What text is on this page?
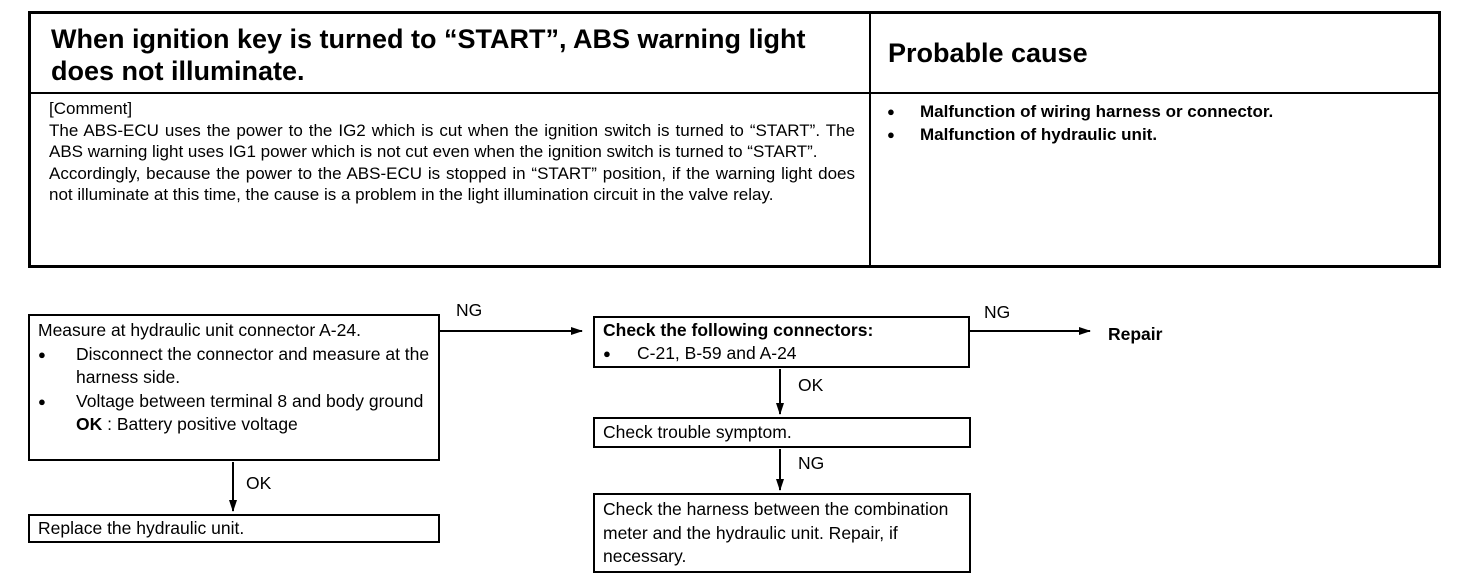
When ignition key is turned to “START”, ABS warning light does not illuminate.
Probable cause

[Comment]

The ABS-ECU uses the power to the IG2 which is cut when the ignition switch is turned to “START”. The ABS warning light uses IG1 power which is not cut even when the ignition switch is turned to “START”.

Accordingly, because the power to the ABS-ECU is stopped in “START” position, if the warning light does not illuminate at this time, the cause is a problem in the light illumination circuit in the valve relay.

● Malfunction of wiring harness or connector.
● Malfunction of hydraulic unit.
Measure at hydraulic unit connector A-24.
● Disconnect the connector and measure at the harness side.
● Voltage between terminal 8 and body ground
OK : Battery positive voltage
NG
OK
Replace the hydraulic unit.
Check the following connectors:
● C-21, B-59 and A-24
NG
Repair
OK
Check trouble symptom.
NG
Check the harness between the combination meter and the hydraulic unit. Repair, if necessary.
